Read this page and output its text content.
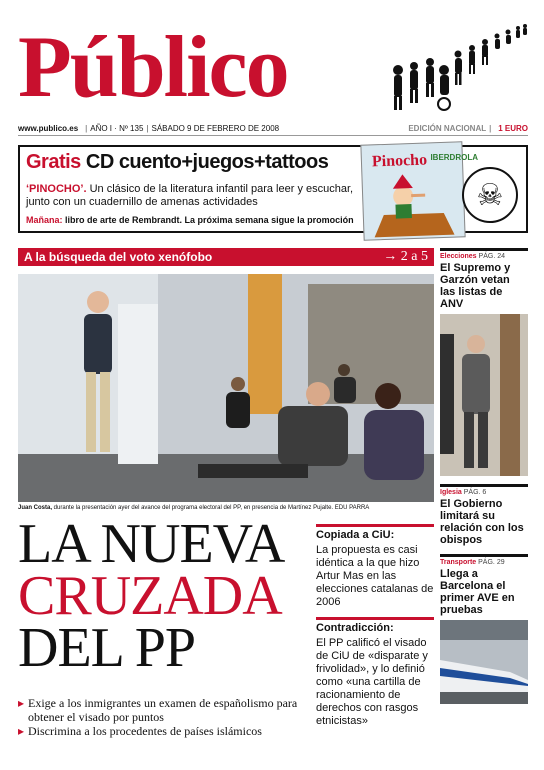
Público
www.publico.es | AÑO I · Nº 135 | SÁBADO 9 DE FEBRERO DE 2008	EDICIÓN NACIONAL | 1 EURO
Gratis CD cuento+juegos+tattoos
‘PINOCHO’. Un clásico de la literatura infantil para leer y escuchar, junto con un cuadernillo de amenas actividades
Mañana: libro de arte de Rembrandt. La próxima semana sigue la promoción
Pinocho IBERDROLA
☠
A la búsqueda del voto xenófobo	→ 2 a 5
Juan Costa, durante la presentación ayer del avance del programa electoral del PP, en presencia de Martínez Pujalte. EDU PARRA
LA NUEVA
CRUZADA
DEL PP
▸ Exige a los inmigrantes un examen de españolismo para obtener el visado por puntos
▸ Discrimina a los procedentes de países islámicos
Copiada a CiU:
La propuesta es casi idéntica a la que hizo Artur Mas en las elecciones catalanas de 2006
Contradicción:
El PP calificó el visado de CiU de «disparate y frivolidad», y lo definió como «una cartilla de racionamiento de derechos con rasgos etnicistas»
Elecciones PÁG. 24
El Supremo y Garzón vetan las listas de ANV
Iglesia PÁG. 6
El Gobierno limitará su relación con los obispos
Transporte PÁG. 29
Llega a Barcelona el primer AVE en pruebas
